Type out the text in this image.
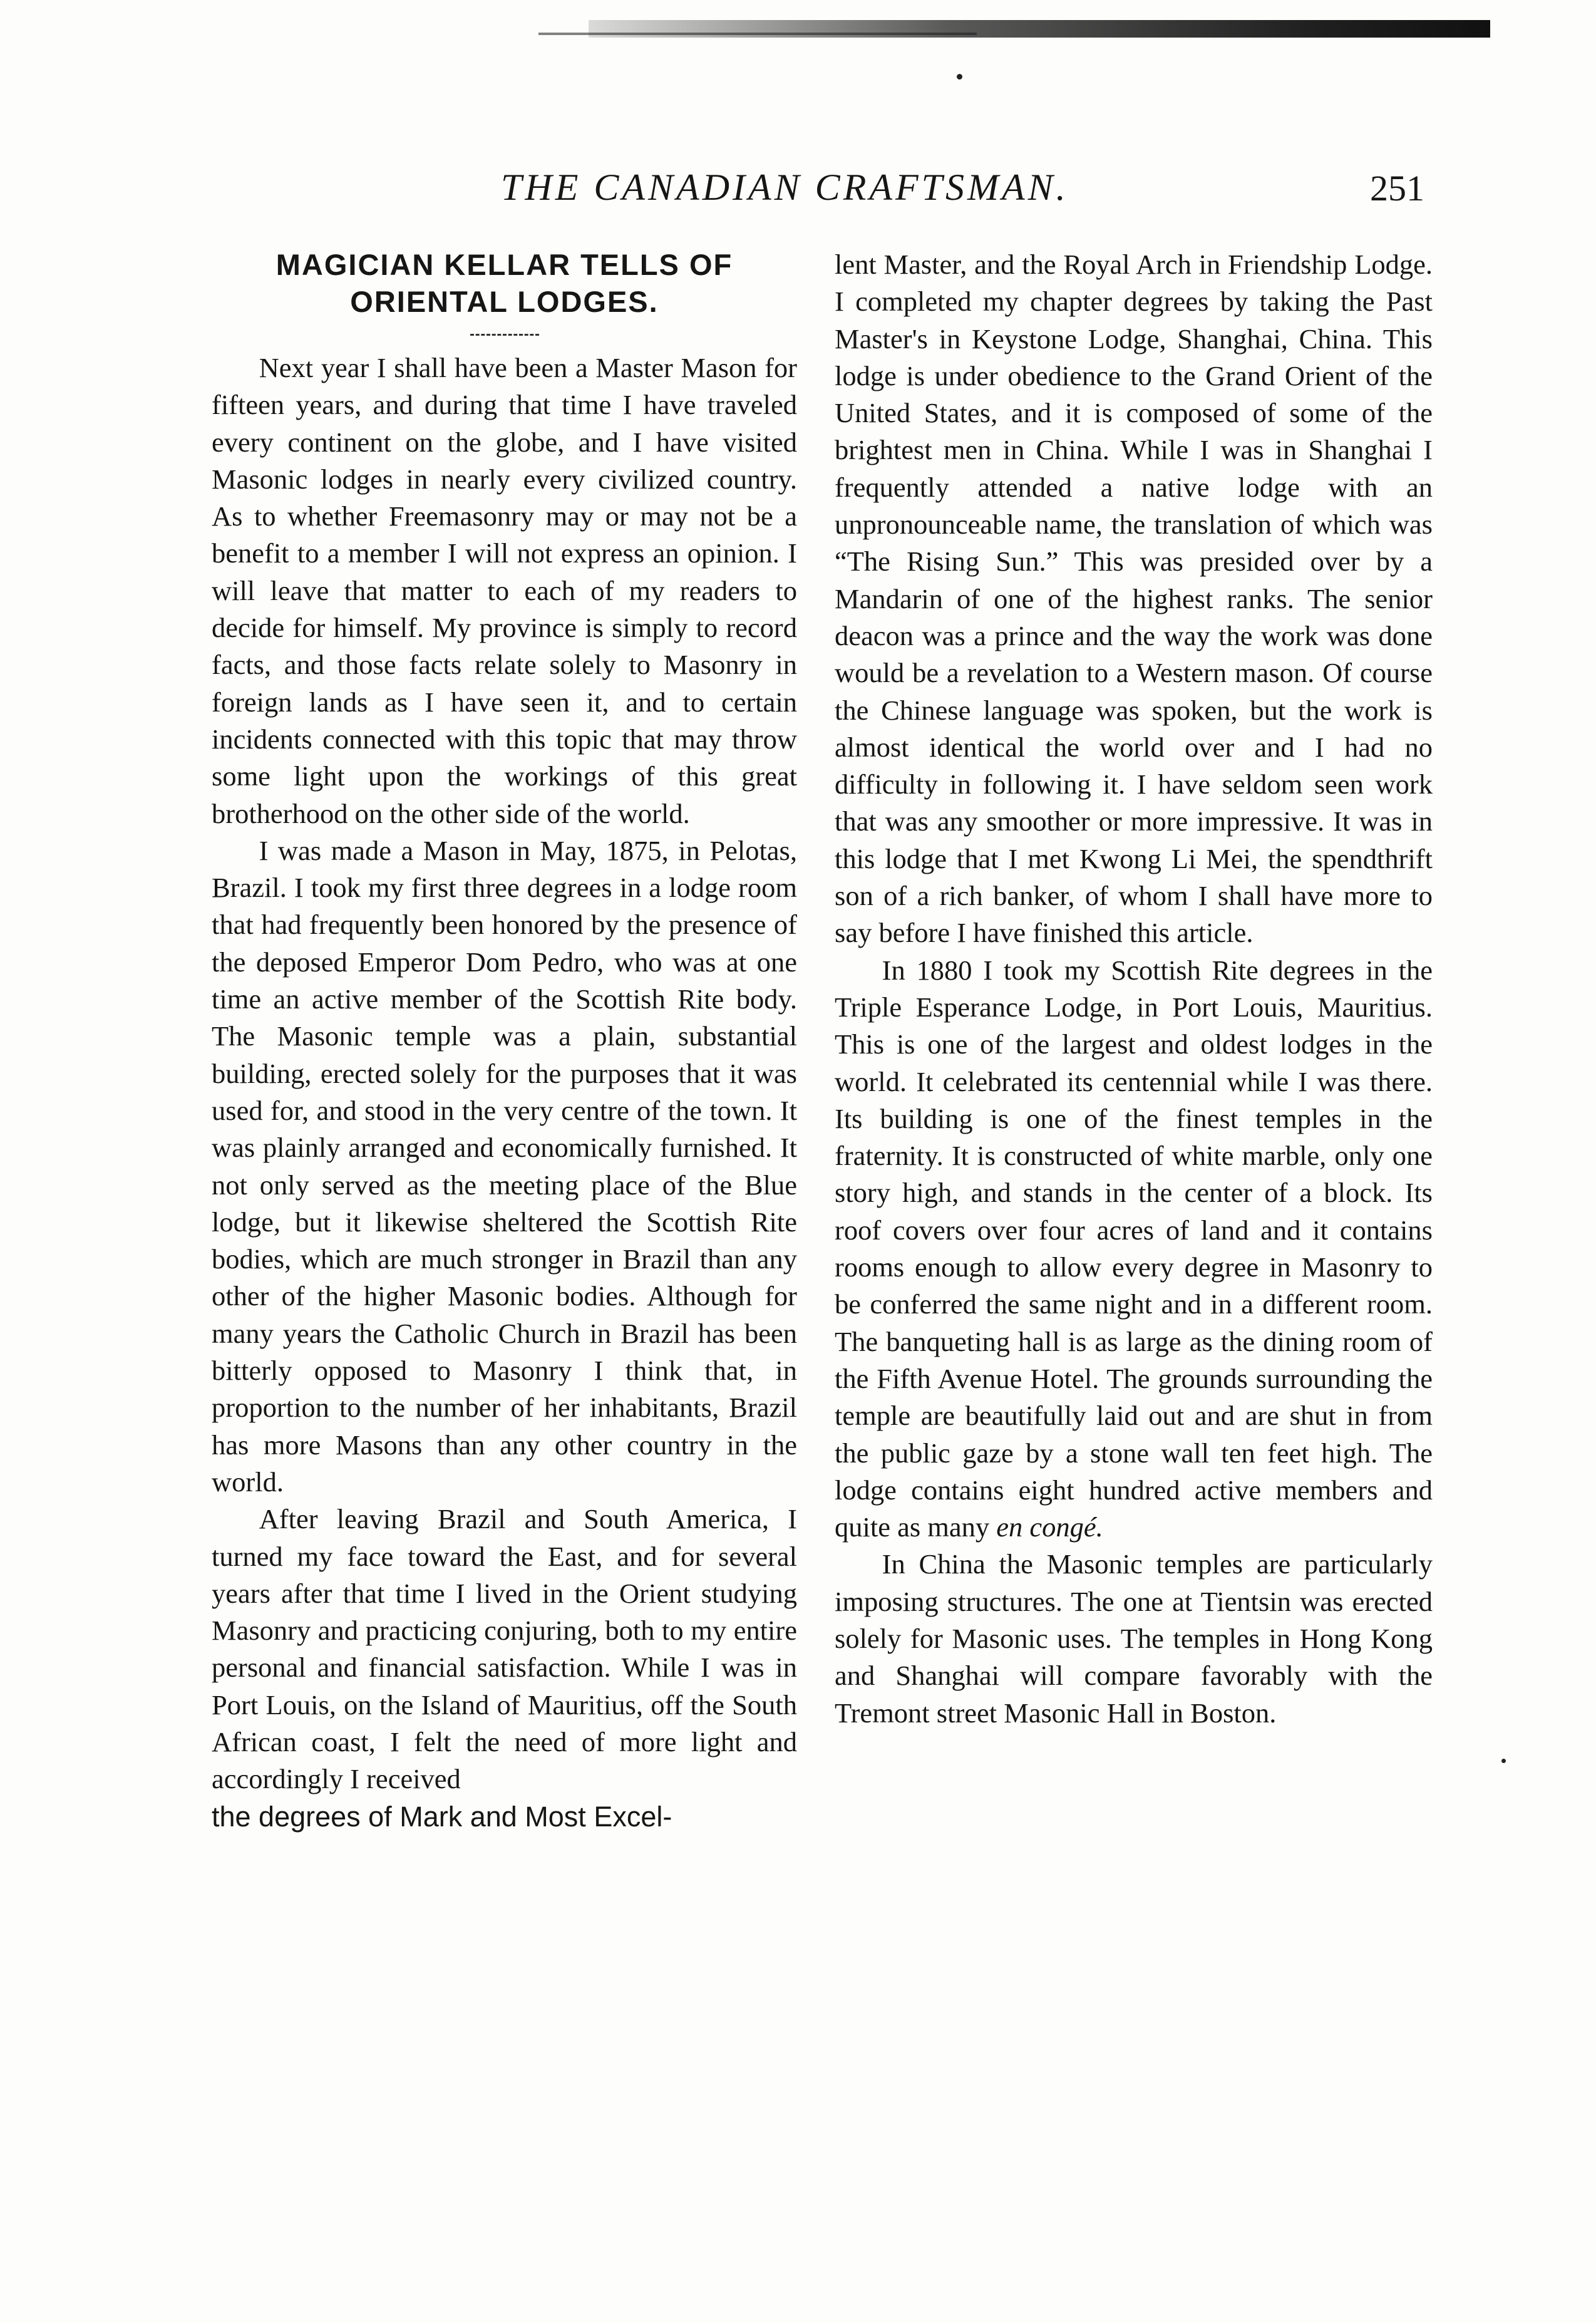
THE CANADIAN CRAFTSMAN.	251
MAGICIAN KELLAR TELLS OF
ORIENTAL LODGES.

Next year I shall have been a Master Mason for fifteen years, and during that time I have traveled every continent on the globe, and I have visited Masonic lodges in nearly every civilized country. As to whether Freemasonry may or may not be a benefit to a member I will not express an opinion. I will leave that matter to each of my readers to decide for himself. My province is simply to record facts, and those facts relate solely to Masonry in foreign lands as I have seen it, and to certain incidents connected with this topic that may throw some light upon the workings of this great brotherhood on the other side of the world.

I was made a Mason in May, 1875, in Pelotas, Brazil. I took my first three degrees in a lodge room that had frequently been honored by the presence of the deposed Emperor Dom Pedro, who was at one time an active member of the Scottish Rite body. The Masonic temple was a plain, substantial building, erected solely for the purposes that it was used for, and stood in the very centre of the town. It was plainly arranged and economically furnished. It not only served as the meeting place of the Blue lodge, but it likewise sheltered the Scottish Rite bodies, which are much stronger in Brazil than any other of the higher Masonic bodies. Although for many years the Catholic Church in Brazil has been bitterly opposed to Masonry I think that, in proportion to the number of her inhabitants, Brazil has more Masons than any other country in the world.

After leaving Brazil and South America, I turned my face toward the East, and for several years after that time I lived in the Orient studying Masonry and practicing conjuring, both to my entire personal and financial satisfaction. While I was in Port Louis, on the Island of Mauritius, off the South African coast, I felt the need of more light and accordingly I received

the degrees of Mark and Most Excel-

lent Master, and the Royal Arch in Friendship Lodge. I completed my chapter degrees by taking the Past Master's in Keystone Lodge, Shanghai, China. This lodge is under obedience to the Grand Orient of the United States, and it is composed of some of the brightest men in China. While I was in Shanghai I frequently attended a native lodge with an unpronounceable name, the translation of which was “The Rising Sun.” This was presided over by a Mandarin of one of the highest ranks. The senior deacon was a prince and the way the work was done would be a revelation to a Western mason. Of course the Chinese language was spoken, but the work is almost identical the world over and I had no difficulty in following it. I have seldom seen work that was any smoother or more impressive. It was in this lodge that I met Kwong Li Mei, the spendthrift son of a rich banker, of whom I shall have more to say before I have finished this article.

In 1880 I took my Scottish Rite degrees in the Triple Esperance Lodge, in Port Louis, Mauritius. This is one of the largest and oldest lodges in the world. It celebrated its centennial while I was there. Its building is one of the finest temples in the fraternity. It is constructed of white marble, only one story high, and stands in the center of a block. Its roof covers over four acres of land and it contains rooms enough to allow every degree in Masonry to be conferred the same night and in a different room. The banqueting hall is as large as the dining room of the Fifth Avenue Hotel. The grounds surrounding the temple are beautifully laid out and are shut in from the public gaze by a stone wall ten feet high. The lodge contains eight hundred active members and quite as many en congé.

In China the Masonic temples are particularly imposing structures. The one at Tientsin was erected solely for Masonic uses. The temples in Hong Kong and Shanghai will compare favorably with the Tremont street Masonic Hall in Boston.
